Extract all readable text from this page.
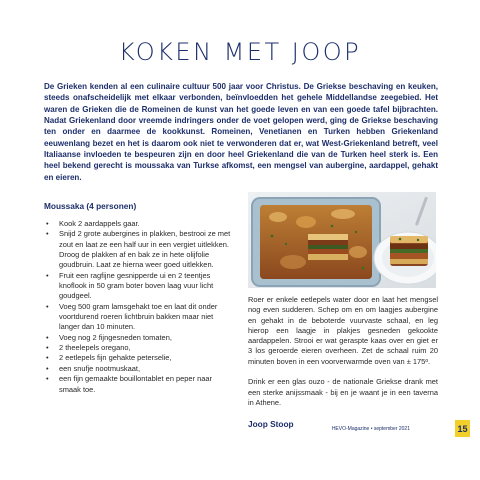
KOKEN MET JOOP

De Grieken kenden al een culinaire cultuur 500 jaar voor Christus. De Griekse beschaving en keuken, steeds onafscheidelijk met elkaar verbonden, beïnvloedden het gehele Middellandse zeegebied. Het waren de Grieken die de Romeinen de kunst van het goede leven en van een goede tafel bijbrachten. Nadat Griekenland door vreemde indringers onder de voet gelopen werd, ging de Griekse beschaving ten onder en daarmee de kookkunst. Romeinen, Venetianen en Turken hebben Griekenland eeuwenlang bezet en het is daarom ook niet te verwonderen dat er, wat West-Griekenland betreft, veel Italiaanse invloeden te bespeuren zijn en door heel Griekenland die van de Turken heel sterk is. Een heel bekend gerecht is moussaka van Turkse afkomst, een mengsel van aubergine, aardappel, gehakt en eieren.

Moussaka (4 personen)
• Kook 2 aardappels gaar.
• Snijd 2 grote aubergines in plakken, bestrooi ze met zout en laat ze een half uur in een vergiet uitlekken. Droog de plakken af en bak ze in hete olijfolie goudbruin. Laat ze hierna weer goed uitlekken.
• Fruit een ragfijne gesnipperde ui en 2 teentjes knoflook in 50 gram boter boven laag vuur licht goudgeel.
• Voeg 500 gram lamsgehakt toe en laat dit onder voortdurend roeren lichtbruin bakken maar niet langer dan 10 minuten.
• Voeg nog 2 fijngesneden tomaten,
• 2 theelepels oregano,
• 2 eetlepels fijn gehakte peterselie,
• een snufje nootmuskaat,
• een fijn gemaakte bouillontablet en peper naar smaak toe.

Roer er enkele eetlepels water door en laat het mengsel nog even sudderen. Schep om en om laagjes aubergine en gehakt in de beboterde vuurvaste schaal, en leg hierop een laagje in plakjes gesneden gekookte aardappelen. Strooi er wat geraspte kaas over en giet er 3 los geroerde eieren overheen. Zet de schaal ruim 20 minuten boven in een voorverwarmde oven van ± 175º.

Drink er een glas ouzo - de nationale Griekse drank met een sterke anijssmaak - bij en je waant je in een taverna in Athene.

Joop Stoop	HEVO-Magazine • september 2021	15
